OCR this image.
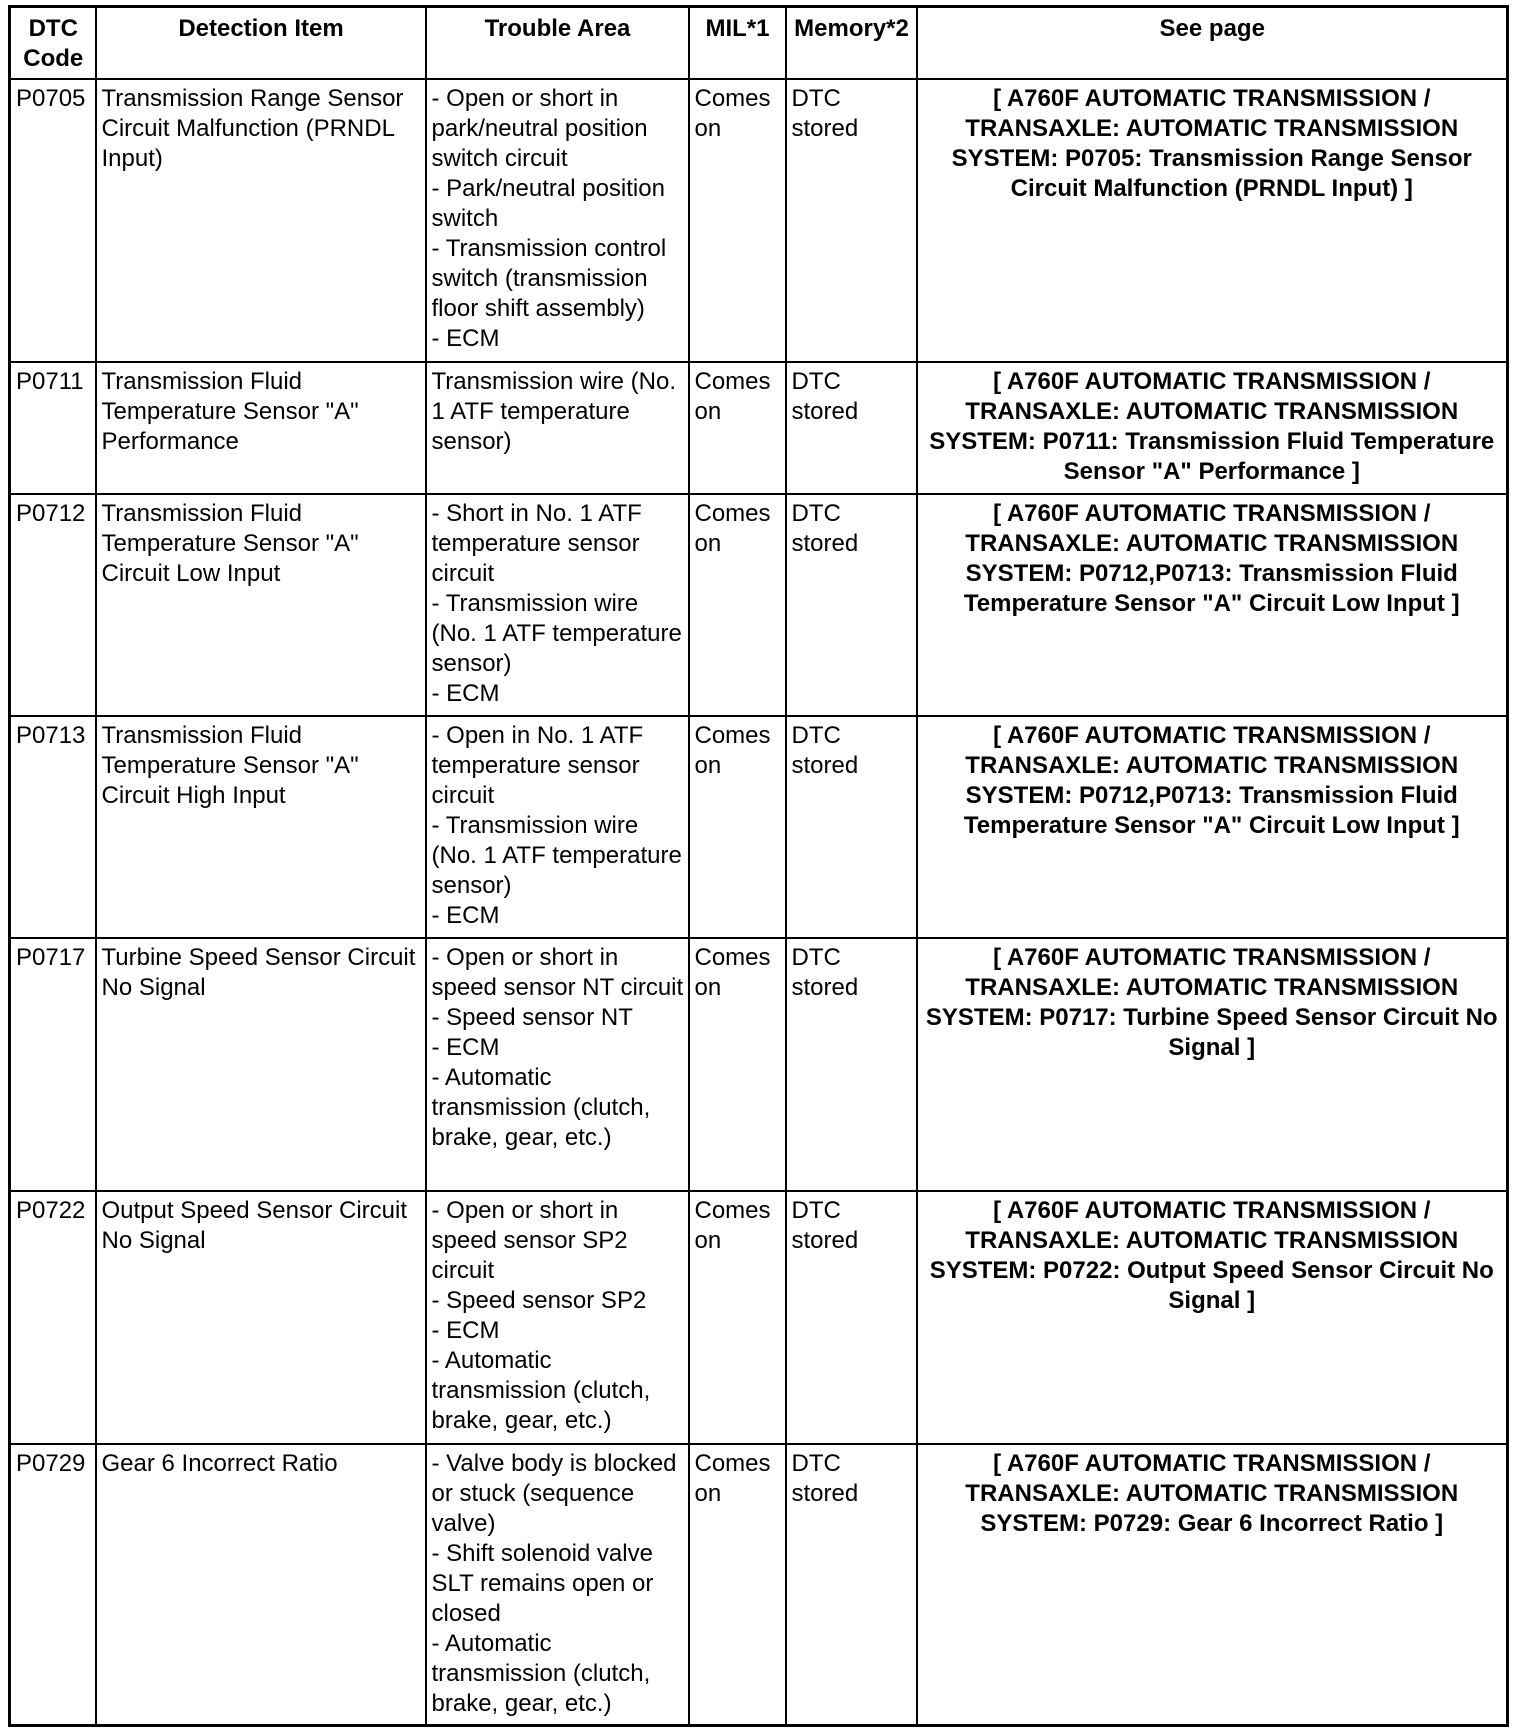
DTC Code	Detection Item	Trouble Area	MIL*1	Memory*2	See page
P0705	Transmission Range Sensor Circuit Malfunction (PRNDL Input)	- Open or short in park/neutral position switch circuit
- Park/neutral position switch
- Transmission control switch (transmission floor shift assembly)
- ECM	Comes on	DTC stored	[ A760F AUTOMATIC TRANSMISSION / TRANSAXLE: AUTOMATIC TRANSMISSION SYSTEM: P0705: Transmission Range Sensor Circuit Malfunction (PRNDL Input) ]
P0711	Transmission Fluid Temperature Sensor "A" Performance	Transmission wire (No. 1 ATF temperature sensor)	Comes on	DTC stored	[ A760F AUTOMATIC TRANSMISSION / TRANSAXLE: AUTOMATIC TRANSMISSION SYSTEM: P0711: Transmission Fluid Temperature Sensor "A" Performance ]
P0712	Transmission Fluid Temperature Sensor "A" Circuit Low Input	- Short in No. 1 ATF temperature sensor circuit
- Transmission wire (No. 1 ATF temperature sensor)
- ECM	Comes on	DTC stored	[ A760F AUTOMATIC TRANSMISSION / TRANSAXLE: AUTOMATIC TRANSMISSION SYSTEM: P0712,P0713: Transmission Fluid Temperature Sensor "A" Circuit Low Input ]
P0713	Transmission Fluid Temperature Sensor "A" Circuit High Input	- Open in No. 1 ATF temperature sensor circuit
- Transmission wire (No. 1 ATF temperature sensor)
- ECM	Comes on	DTC stored	[ A760F AUTOMATIC TRANSMISSION / TRANSAXLE: AUTOMATIC TRANSMISSION SYSTEM: P0712,P0713: Transmission Fluid Temperature Sensor "A" Circuit Low Input ]
P0717	Turbine Speed Sensor Circuit No Signal	- Open or short in speed sensor NT circuit
- Speed sensor NT
- ECM
- Automatic transmission (clutch, brake, gear, etc.)	Comes on	DTC stored	[ A760F AUTOMATIC TRANSMISSION / TRANSAXLE: AUTOMATIC TRANSMISSION SYSTEM: P0717: Turbine Speed Sensor Circuit No Signal ]
P0722	Output Speed Sensor Circuit No Signal	- Open or short in speed sensor SP2 circuit
- Speed sensor SP2
- ECM
- Automatic transmission (clutch, brake, gear, etc.)	Comes on	DTC stored	[ A760F AUTOMATIC TRANSMISSION / TRANSAXLE: AUTOMATIC TRANSMISSION SYSTEM: P0722: Output Speed Sensor Circuit No Signal ]
P0729	Gear 6 Incorrect Ratio	- Valve body is blocked or stuck (sequence valve)
- Shift solenoid valve SLT remains open or closed
- Automatic transmission (clutch, brake, gear, etc.)	Comes on	DTC stored	[ A760F AUTOMATIC TRANSMISSION / TRANSAXLE: AUTOMATIC TRANSMISSION SYSTEM: P0729: Gear 6 Incorrect Ratio ]
